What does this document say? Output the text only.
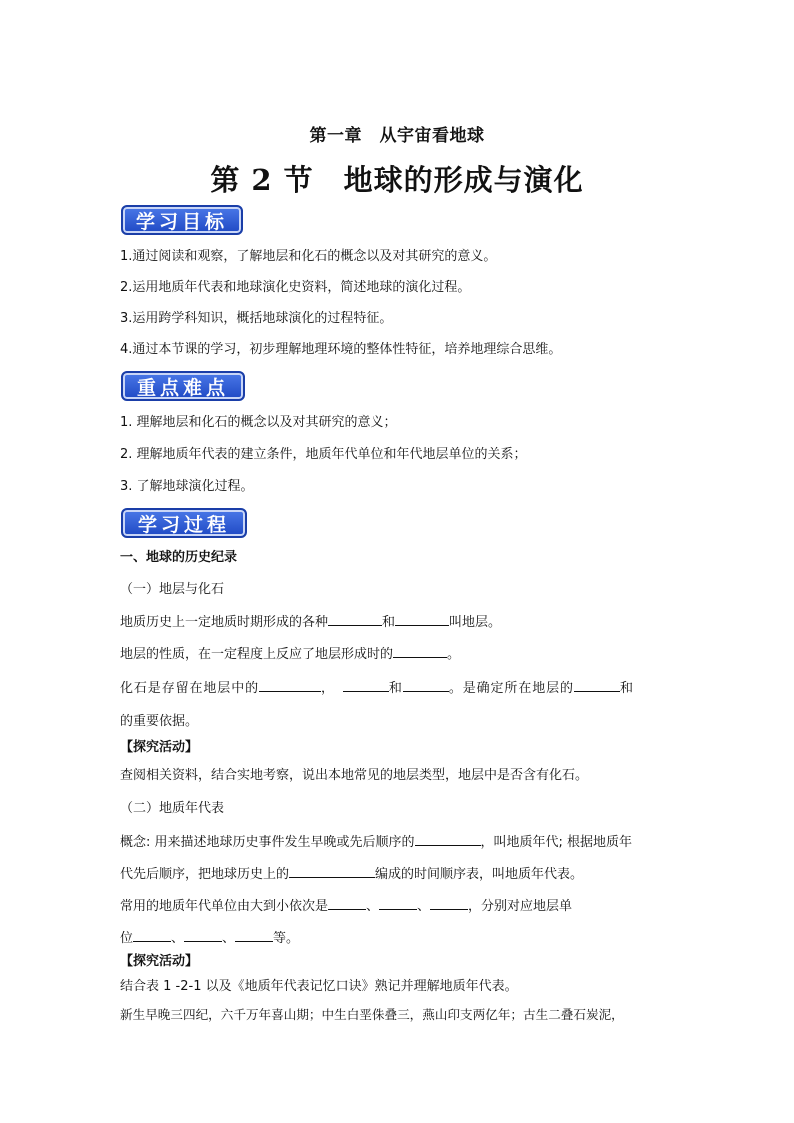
第一章　从宇宙看地球
第 2 节　地球的形成与演化
学习目标
1.通过阅读和观察，了解地层和化石的概念以及对其研究的意义。
2.运用地质年代表和地球演化史资料，简述地球的演化过程。
3.运用跨学科知识，概括地球演化的过程特征。
4.通过本节课的学习，初步理解地理环境的整体性特征，培养地理综合思维。
重点难点
1. 理解地层和化石的概念以及对其研究的意义；
2. 理解地质年代表的建立条件，地质年代单位和年代地层单位的关系；
3. 了解地球演化过程。
学习过程
一、地球的历史纪录
（一）地层与化石
地质历史上一定地质时期形成的各种	和	叫地层。
地层的性质，在一定程度上反应了地层形成时的	。
化石是存留在地层中的	，	和	。是确定所在地层的	和
的重要依据。
【探究活动】
查阅相关资料，结合实地考察，说出本地常见的地层类型，地层中是否含有化石。
（二）地质年代表
概念: 用来描述地球历史事件发生早晚或先后顺序的	，叫地质年代; 根据地质年
代先后顺序，把地球历史上的	编成的时间顺序表，叫地质年代表。
常用的地质年代单位由大到小依次是	、	、	，分别对应地层单
位	、	、	等。
【探究活动】
结合表 1 -2-1 以及《地质年代表记忆口诀》熟记并理解地质年代表。
新生早晚三四纪，六千万年喜山期；中生白垩侏叠三，燕山印支两亿年；古生二叠石炭泥，
